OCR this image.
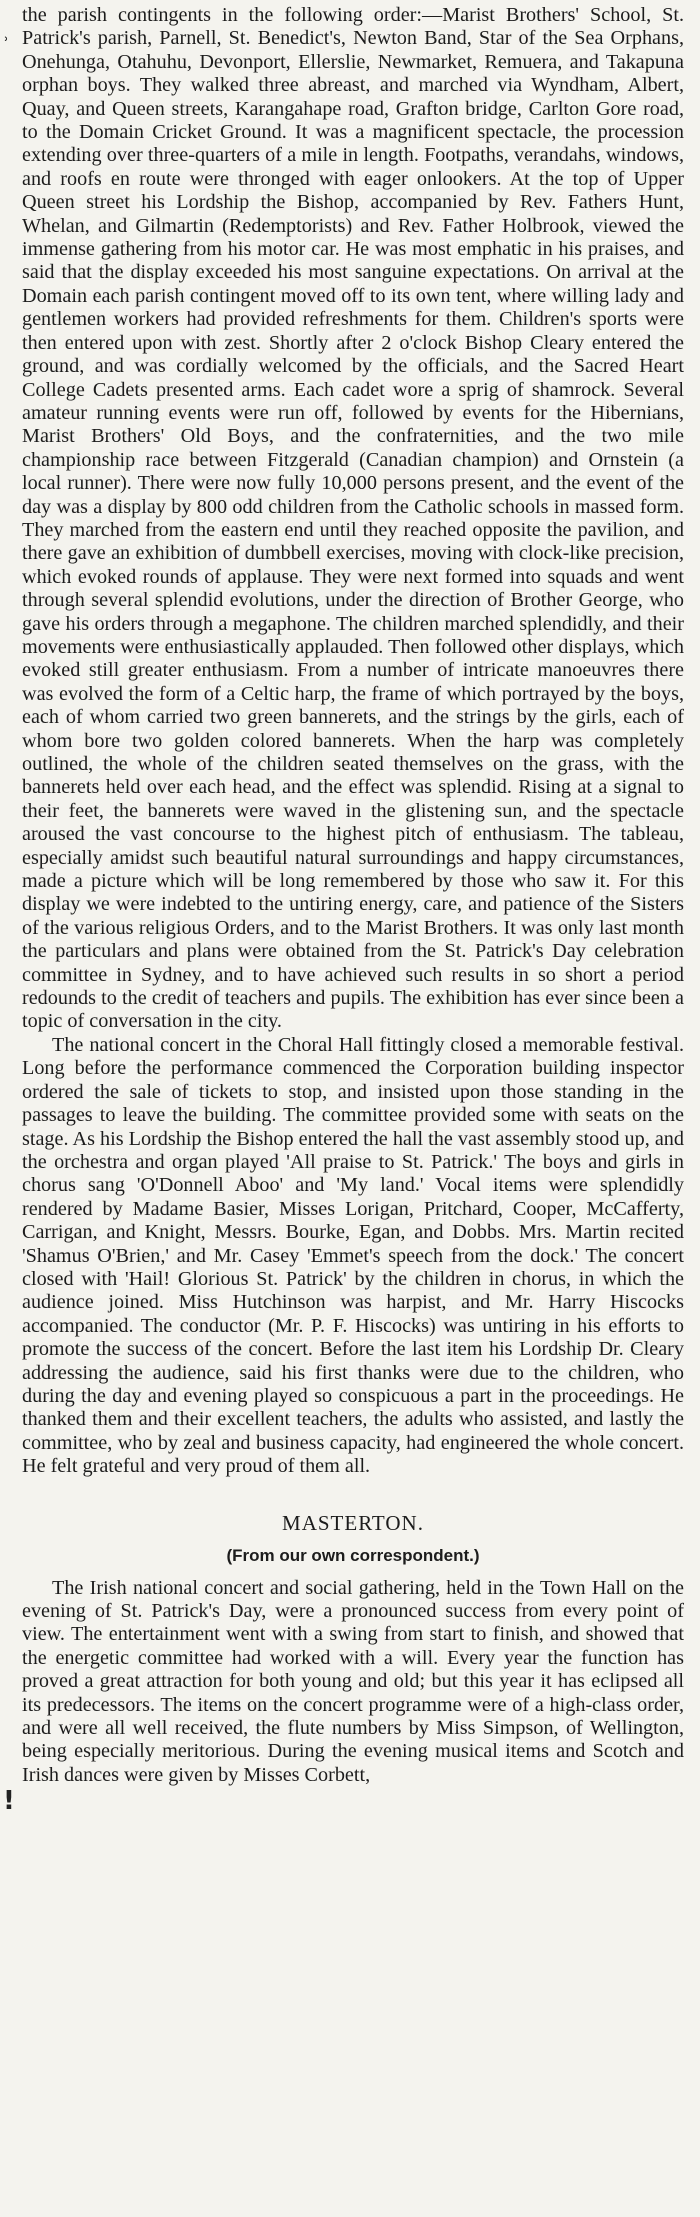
˒
!

the parish contingents in the following order:—Marist Brothers' School, St. Patrick's parish, Parnell, St. Benedict's, Newton Band, Star of the Sea Orphans, Onehunga, Otahuhu, Devonport, Ellerslie, Newmarket, Remuera, and Takapuna orphan boys. They walked three abreast, and marched via Wyndham, Albert, Quay, and Queen streets, Karangahape road, Grafton bridge, Carlton Gore road, to the Domain Cricket Ground. It was a magnificent spectacle, the procession extending over three-quarters of a mile in length. Footpaths, verandahs, windows, and roofs en route were thronged with eager onlookers. At the top of Upper Queen street his Lordship the Bishop, accompanied by Rev. Fathers Hunt, Whelan, and Gilmartin (Redemptorists) and Rev. Father Holbrook, viewed the immense gathering from his motor car. He was most emphatic in his praises, and said that the display exceeded his most sanguine expectations. On arrival at the Domain each parish contingent moved off to its own tent, where willing lady and gentlemen workers had provided refreshments for them. Children's sports were then entered upon with zest. Shortly after 2 o'clock Bishop Cleary entered the ground, and was cordially welcomed by the officials, and the Sacred Heart College Cadets presented arms. Each cadet wore a sprig of shamrock. Several amateur running events were run off, followed by events for the Hibernians, Marist Brothers' Old Boys, and the confraternities, and the two mile championship race between Fitzgerald (Canadian champion) and Ornstein (a local runner). There were now fully 10,000 persons present, and the event of the day was a display by 800 odd children from the Catholic schools in massed form. They marched from the eastern end until they reached opposite the pavilion, and there gave an exhibition of dumbbell exercises, moving with clock-like precision, which evoked rounds of applause. They were next formed into squads and went through several splendid evolutions, under the direction of Brother George, who gave his orders through a megaphone. The children marched splendidly, and their movements were enthusiastically applauded. Then followed other displays, which evoked still greater enthusiasm. From a number of intricate manoeuvres there was evolved the form of a Celtic harp, the frame of which portrayed by the boys, each of whom carried two green bannerets, and the strings by the girls, each of whom bore two golden colored bannerets. When the harp was completely outlined, the whole of the children seated themselves on the grass, with the bannerets held over each head, and the effect was splendid. Rising at a signal to their feet, the bannerets were waved in the glistening sun, and the spectacle aroused the vast concourse to the highest pitch of enthusiasm. The tableau, especially amidst such beautiful natural surroundings and happy circumstances, made a picture which will be long remembered by those who saw it. For this display we were indebted to the untiring energy, care, and patience of the Sisters of the various religious Orders, and to the Marist Brothers. It was only last month the particulars and plans were obtained from the St. Patrick's Day celebration committee in Sydney, and to have achieved such results in so short a period redounds to the credit of teachers and pupils. The exhibition has ever since been a topic of conversation in the city.

The national concert in the Choral Hall fittingly closed a memorable festival. Long before the performance commenced the Corporation building inspector ordered the sale of tickets to stop, and insisted upon those standing in the passages to leave the building. The committee provided some with seats on the stage. As his Lordship the Bishop entered the hall the vast assembly stood up, and the orchestra and organ played 'All praise to St. Patrick.' The boys and girls in chorus sang 'O'Donnell Aboo' and 'My land.' Vocal items were splendidly rendered by Madame Basier, Misses Lorigan, Pritchard, Cooper, McCafferty, Carrigan, and Knight, Messrs. Bourke, Egan, and Dobbs. Mrs. Martin recited 'Shamus O'Brien,' and Mr. Casey 'Emmet's speech from the dock.' The concert closed with 'Hail! Glorious St. Patrick' by the children in chorus, in which the audience joined. Miss Hutchinson was harpist, and Mr. Harry Hiscocks accompanied. The conductor (Mr. P. F. Hiscocks) was untiring in his efforts to promote the success of the concert. Before the last item his Lordship Dr. Cleary addressing the audience, said his first thanks were due to the children, who during the day and evening played so conspicuous a part in the proceedings. He thanked them and their excellent teachers, the adults who assisted, and lastly the committee, who by zeal and business capacity, had engineered the whole concert. He felt grateful and very proud of them all.

MASTERTON.
(From our own correspondent.)

The Irish national concert and social gathering, held in the Town Hall on the evening of St. Patrick's Day, were a pronounced success from every point of view. The entertainment went with a swing from start to finish, and showed that the energetic committee had worked with a will. Every year the function has proved a great attraction for both young and old; but this year it has eclipsed all its predecessors. The items on the concert programme were of a high-class order, and were all well received, the flute numbers by Miss Simpson, of Wellington, being especially meritorious. During the evening musical items and Scotch and Irish dances were given by Misses Corbett,
